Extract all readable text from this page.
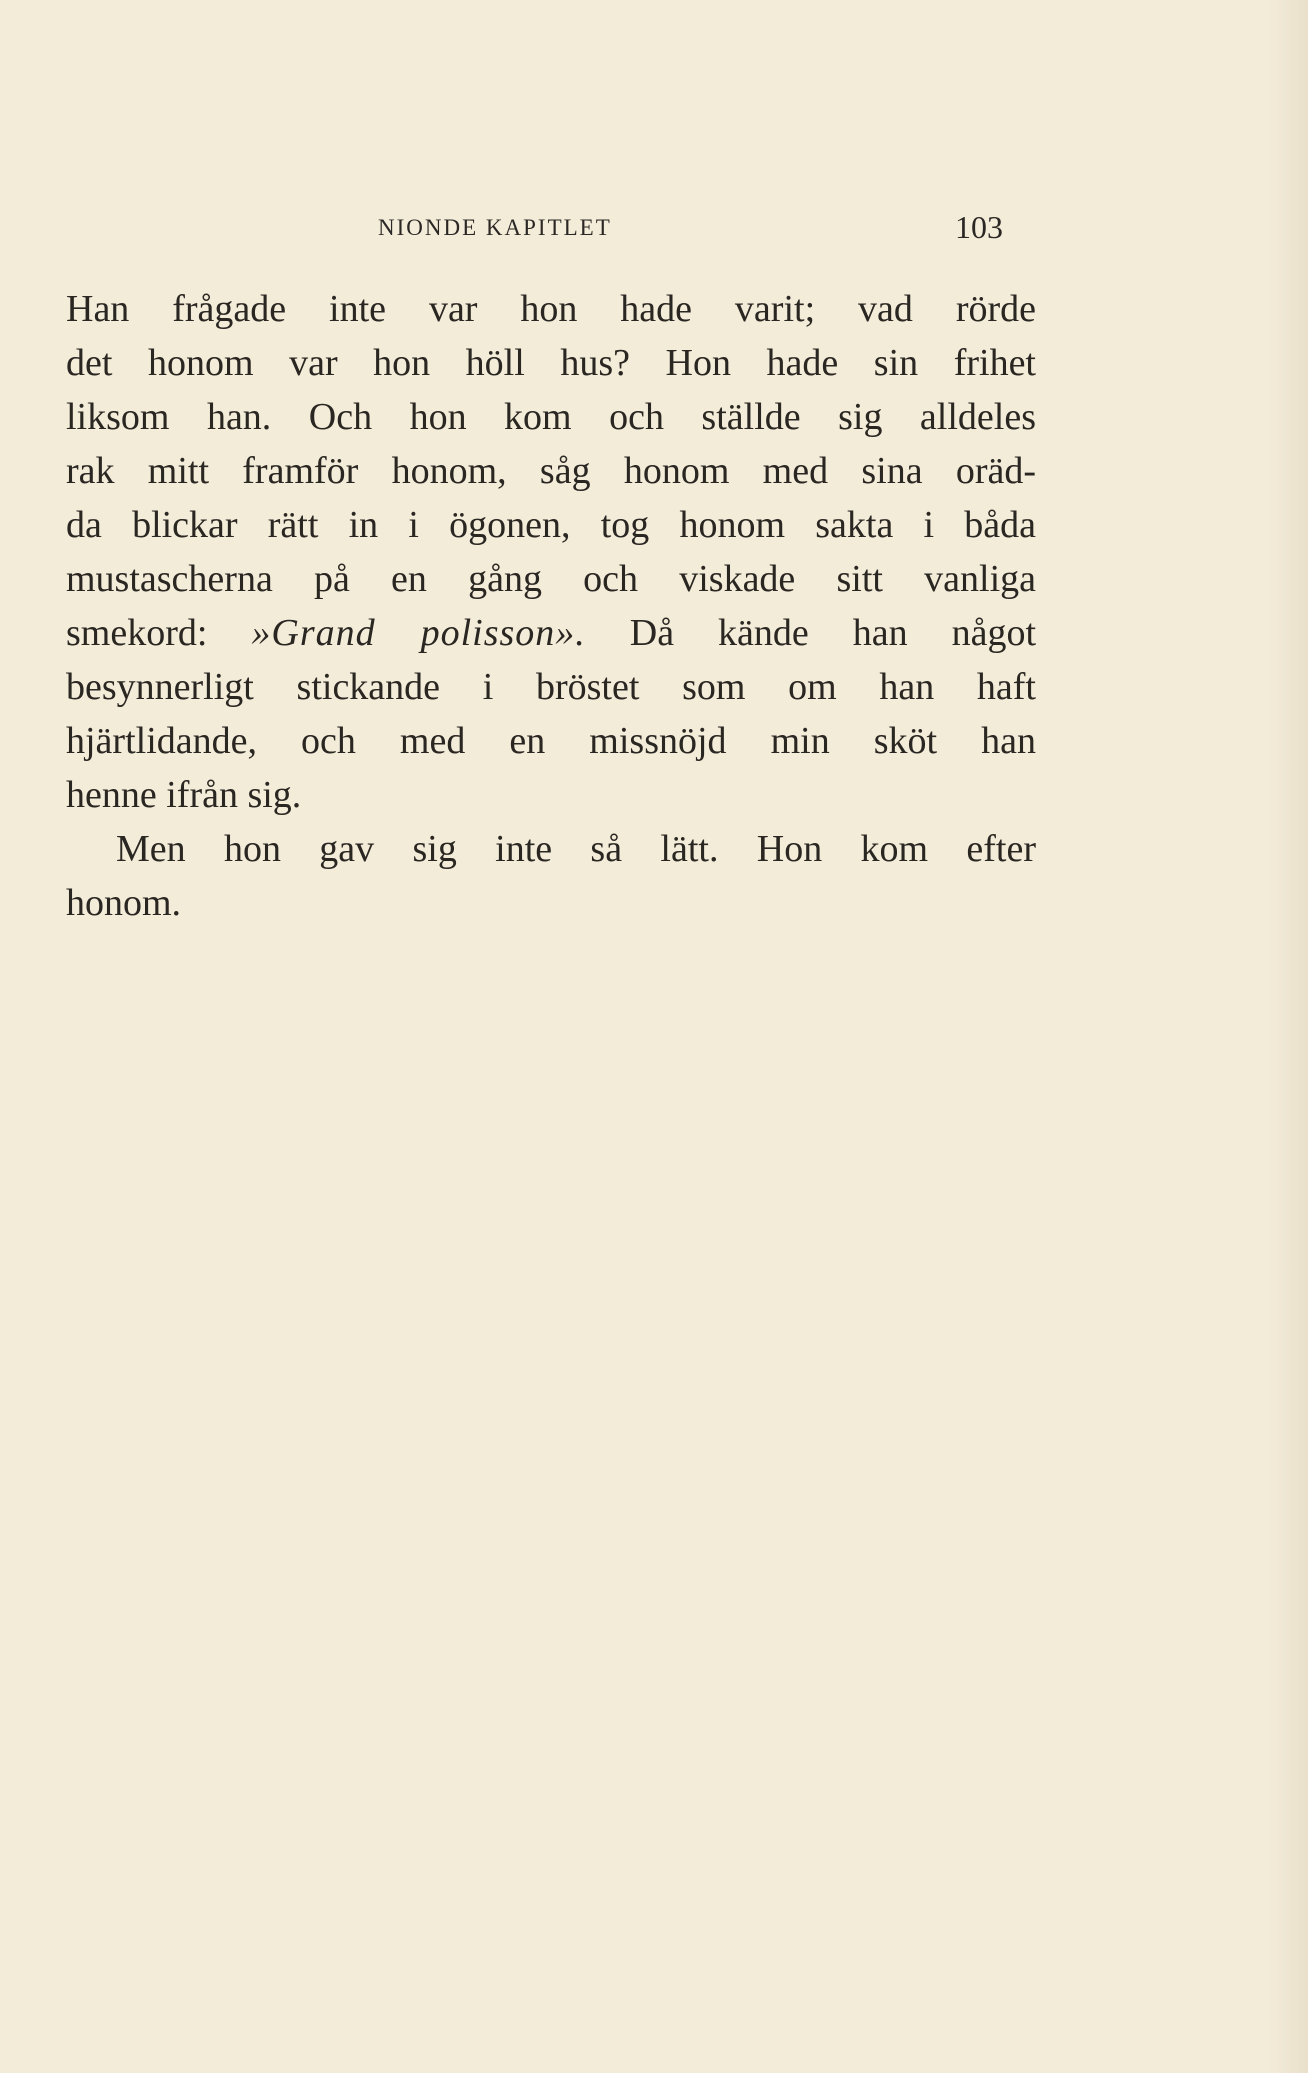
NIONDE KAPITLET	103
Han frågade inte var hon hade varit; vad rörde
det honom var hon höll hus? Hon hade sin frihet
liksom han. Och hon kom och ställde sig alldeles
rak mitt framför honom, såg honom med sina oräd-
da blickar rätt in i ögonen, tog honom sakta i båda
mustascherna på en gång och viskade sitt vanliga
smekord: »Grand polisson». Då kände han något
besynnerligt stickande i bröstet som om han haft
hjärtlidande, och med en missnöjd min sköt han
henne ifrån sig.
Men hon gav sig inte så lätt. Hon kom efter
honom.
